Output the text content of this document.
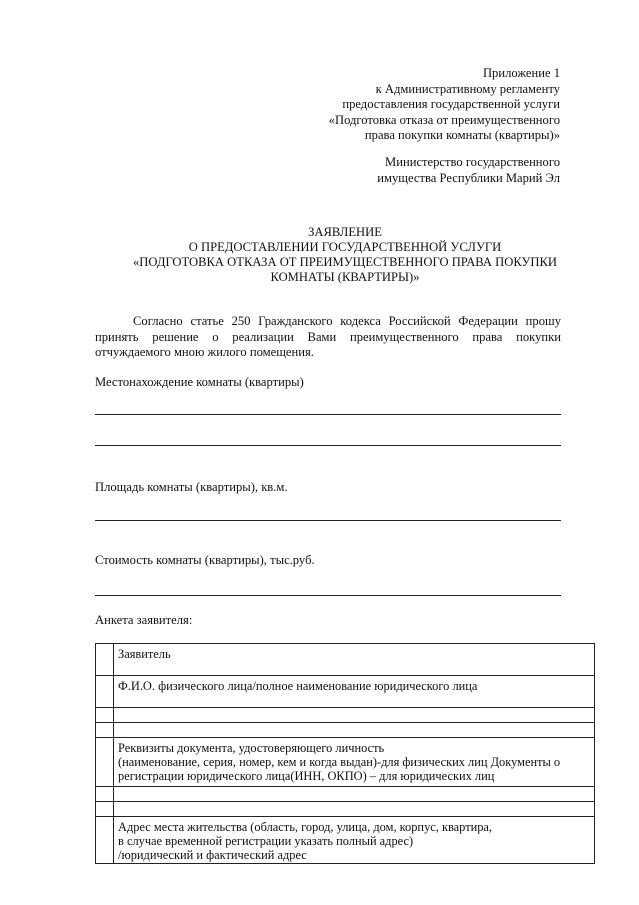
Приложение 1
к Административному регламенту
предоставления государственной услуги
«Подготовка отказа от преимущественного
права покупки комнаты (квартиры)»
Министерство государственного
имущества Республики Марий Эл
ЗАЯВЛЕНИЕ
О ПРЕДОСТАВЛЕНИИ ГОСУДАРСТВЕННОЙ УСЛУГИ
«ПОДГОТОВКА ОТКАЗА ОТ ПРЕИМУЩЕСТВЕННОГО ПРАВА ПОКУПКИ
КОМНАТЫ (КВАРТИРЫ)»
Согласно статье 250 Гражданского кодекса Российской Федерации прошу принять решение о реализации Вами преимущественного права покупки отчуждаемого мною жилого помещения.
Местонахождение комнаты (квартиры)
Площадь комнаты (квартиры), кв.м.
Стоимость комнаты (квартиры), тыс.руб.
Анкета заявителя:

	Заявитель

	Ф.И.О. физического лица/полное наименование юридического лица

	Реквизиты документа, удостоверяющего личность
(наименование, серия, номер, кем и когда выдан)-для физических лиц Документы о
регистрации юридического лица(ИНН, ОКПО) – для юридических лиц

	Адрес места жительства (область, город, улица, дом, корпус, квартира,
в случае временной регистрации указать полный адрес)
/юридический и фактический адрес
